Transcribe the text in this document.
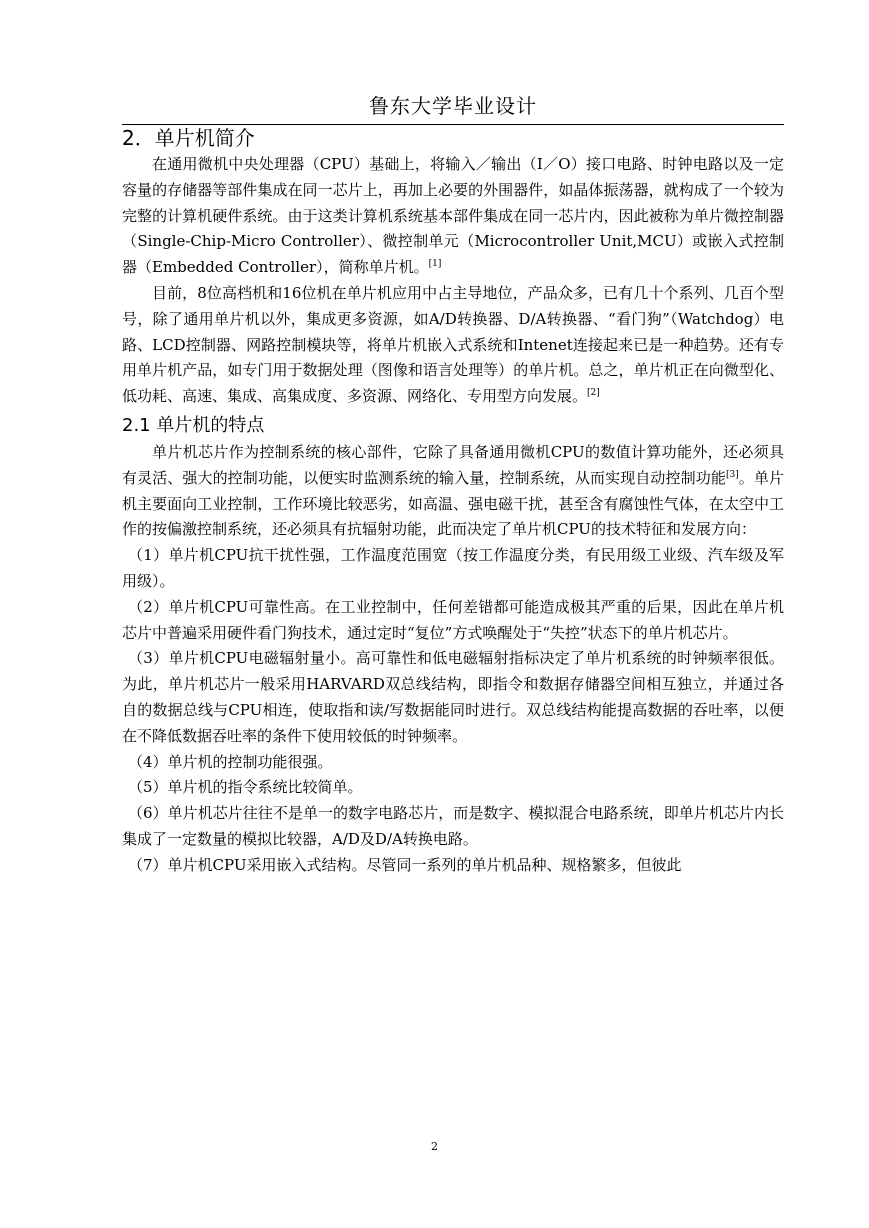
鲁东大学毕业设计
2．单片机简介

在通用微机中央处理器（CPU）基础上，将输入／输出（I／O）接口电路、时钟电路以及一定容量的存储器等部件集成在同一芯片上，再加上必要的外围器件，如晶体振荡器，就构成了一个较为完整的计算机硬件系统。由于这类计算机系统基本部件集成在同一芯片内，因此被称为单片微控制器（Single-Chip-Micro Controller）、微控制单元（Microcontroller Unit,MCU）或嵌入式控制器（Embedded Controller），简称单片机。[1]

目前，8位高档机和16位机在单片机应用中占主导地位，产品众多，已有几十个系列、几百个型号，除了通用单片机以外，集成更多资源，如A/D转换器、D/A转换器、“看门狗”（Watchdog）电路、LCD控制器、网路控制模块等，将单片机嵌入式系统和Intenet连接起来已是一种趋势。还有专用单片机产品，如专门用于数据处理（图像和语言处理等）的单片机。总之，单片机正在向微型化、低功耗、高速、集成、高集成度、多资源、网络化、专用型方向发展。[2]

2.1 单片机的特点

单片机芯片作为控制系统的核心部件，它除了具备通用微机CPU的数值计算功能外，还必须具有灵活、强大的控制功能，以便实时监测系统的输入量，控制系统，从而实现自动控制功能[3]。单片机主要面向工业控制，工作环境比较恶劣，如高温、强电磁干扰，甚至含有腐蚀性气体，在太空中工作的按偏激控制系统，还必须具有抗辐射功能，此而决定了单片机CPU的技术特征和发展方向：

（1）单片机CPU抗干扰性强，工作温度范围宽（按工作温度分类，有民用级工业级、汽车级及军用级）。

（2）单片机CPU可靠性高。在工业控制中，任何差错都可能造成极其严重的后果，因此在单片机芯片中普遍采用硬件看门狗技术，通过定时“复位”方式唤醒处于“失控”状态下的单片机芯片。

（3）单片机CPU电磁辐射量小。高可靠性和低电磁辐射指标决定了单片机系统的时钟频率很低。为此，单片机芯片一般采用HARVARD双总线结构，即指令和数据存储器空间相互独立，并通过各自的数据总线与CPU相连，使取指和读/写数据能同时进行。双总线结构能提高数据的吞吐率，以便在不降低数据吞吐率的条件下使用较低的时钟频率。

（4）单片机的控制功能很强。

（5）单片机的指令系统比较简单。

（6）单片机芯片往往不是单一的数字电路芯片，而是数字、模拟混合电路系统，即单片机芯片内长集成了一定数量的模拟比较器，A/D及D/A转换电路。

（7）单片机CPU采用嵌入式结构。尽管同一系列的单片机品种、规格繁多，但彼此

2
